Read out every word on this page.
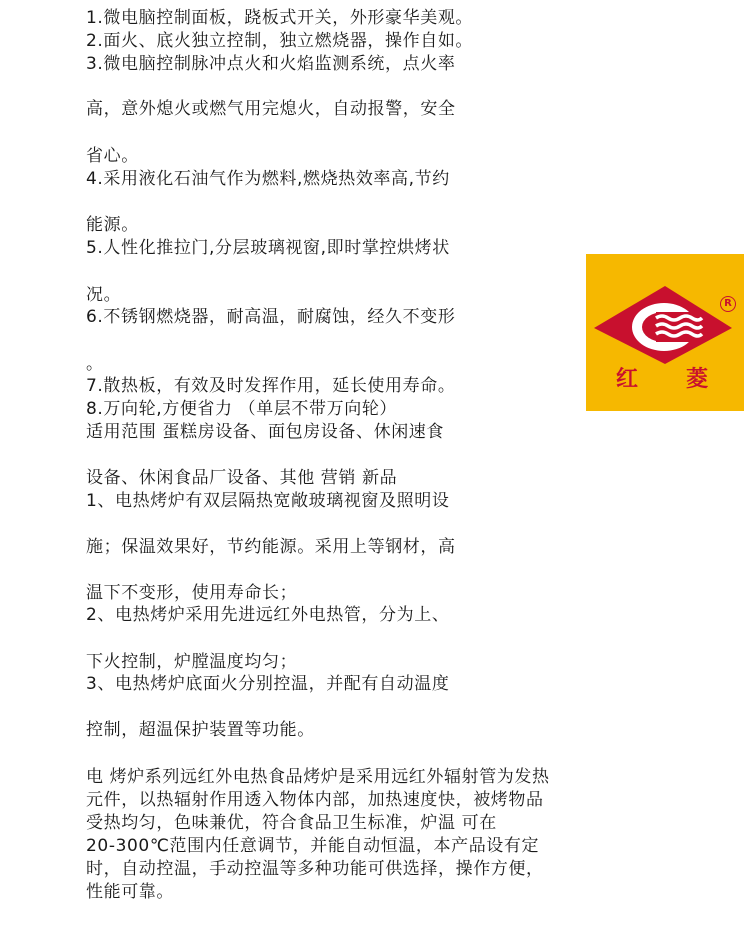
1.微电脑控制面板，跷板式开关，外形豪华美观。
2.面火、底火独立控制，独立燃烧器，操作自如。
3.微电脑控制脉冲点火和火焰监测系统，点火率
高，意外熄火或燃气用完熄火，自动报警，安全
省心。
4.采用液化石油气作为燃料,燃烧热效率高,节约
能源。
5.人性化推拉门,分层玻璃视窗,即时掌控烘烤状
况。
6.不锈钢燃烧器，耐高温，耐腐蚀，经久不变形
。
7.散热板，有效及时发挥作用，延长使用寿命。
8.万向轮,方便省力 （单层不带万向轮）
适用范围 蛋糕房设备、面包房设备、休闲速食
设备、休闲食品厂设备、其他 营销 新品
1、电热烤炉有双层隔热宽敞玻璃视窗及照明设
施；保温效果好，节约能源。采用上等钢材，高
温下不变形，使用寿命长；
2、电热烤炉采用先进远红外电热管，分为上、
下火控制，炉膛温度均匀；
3、电热烤炉底面火分别控温，并配有自动温度
控制，超温保护装置等功能。
电 烤炉系列远红外电热食品烤炉是采用远红外辐射管为发热
元件，以热辐射作用透入物体内部，加热速度快，被烤物品
受热均匀，色味兼优，符合食品卫生标准，炉温 可在
20-300℃范围内任意调节，并能自动恒温，本产品设有定
时，自动控温，手动控温等多种功能可供选择，操作方便，
性能可靠。
R
红 菱
